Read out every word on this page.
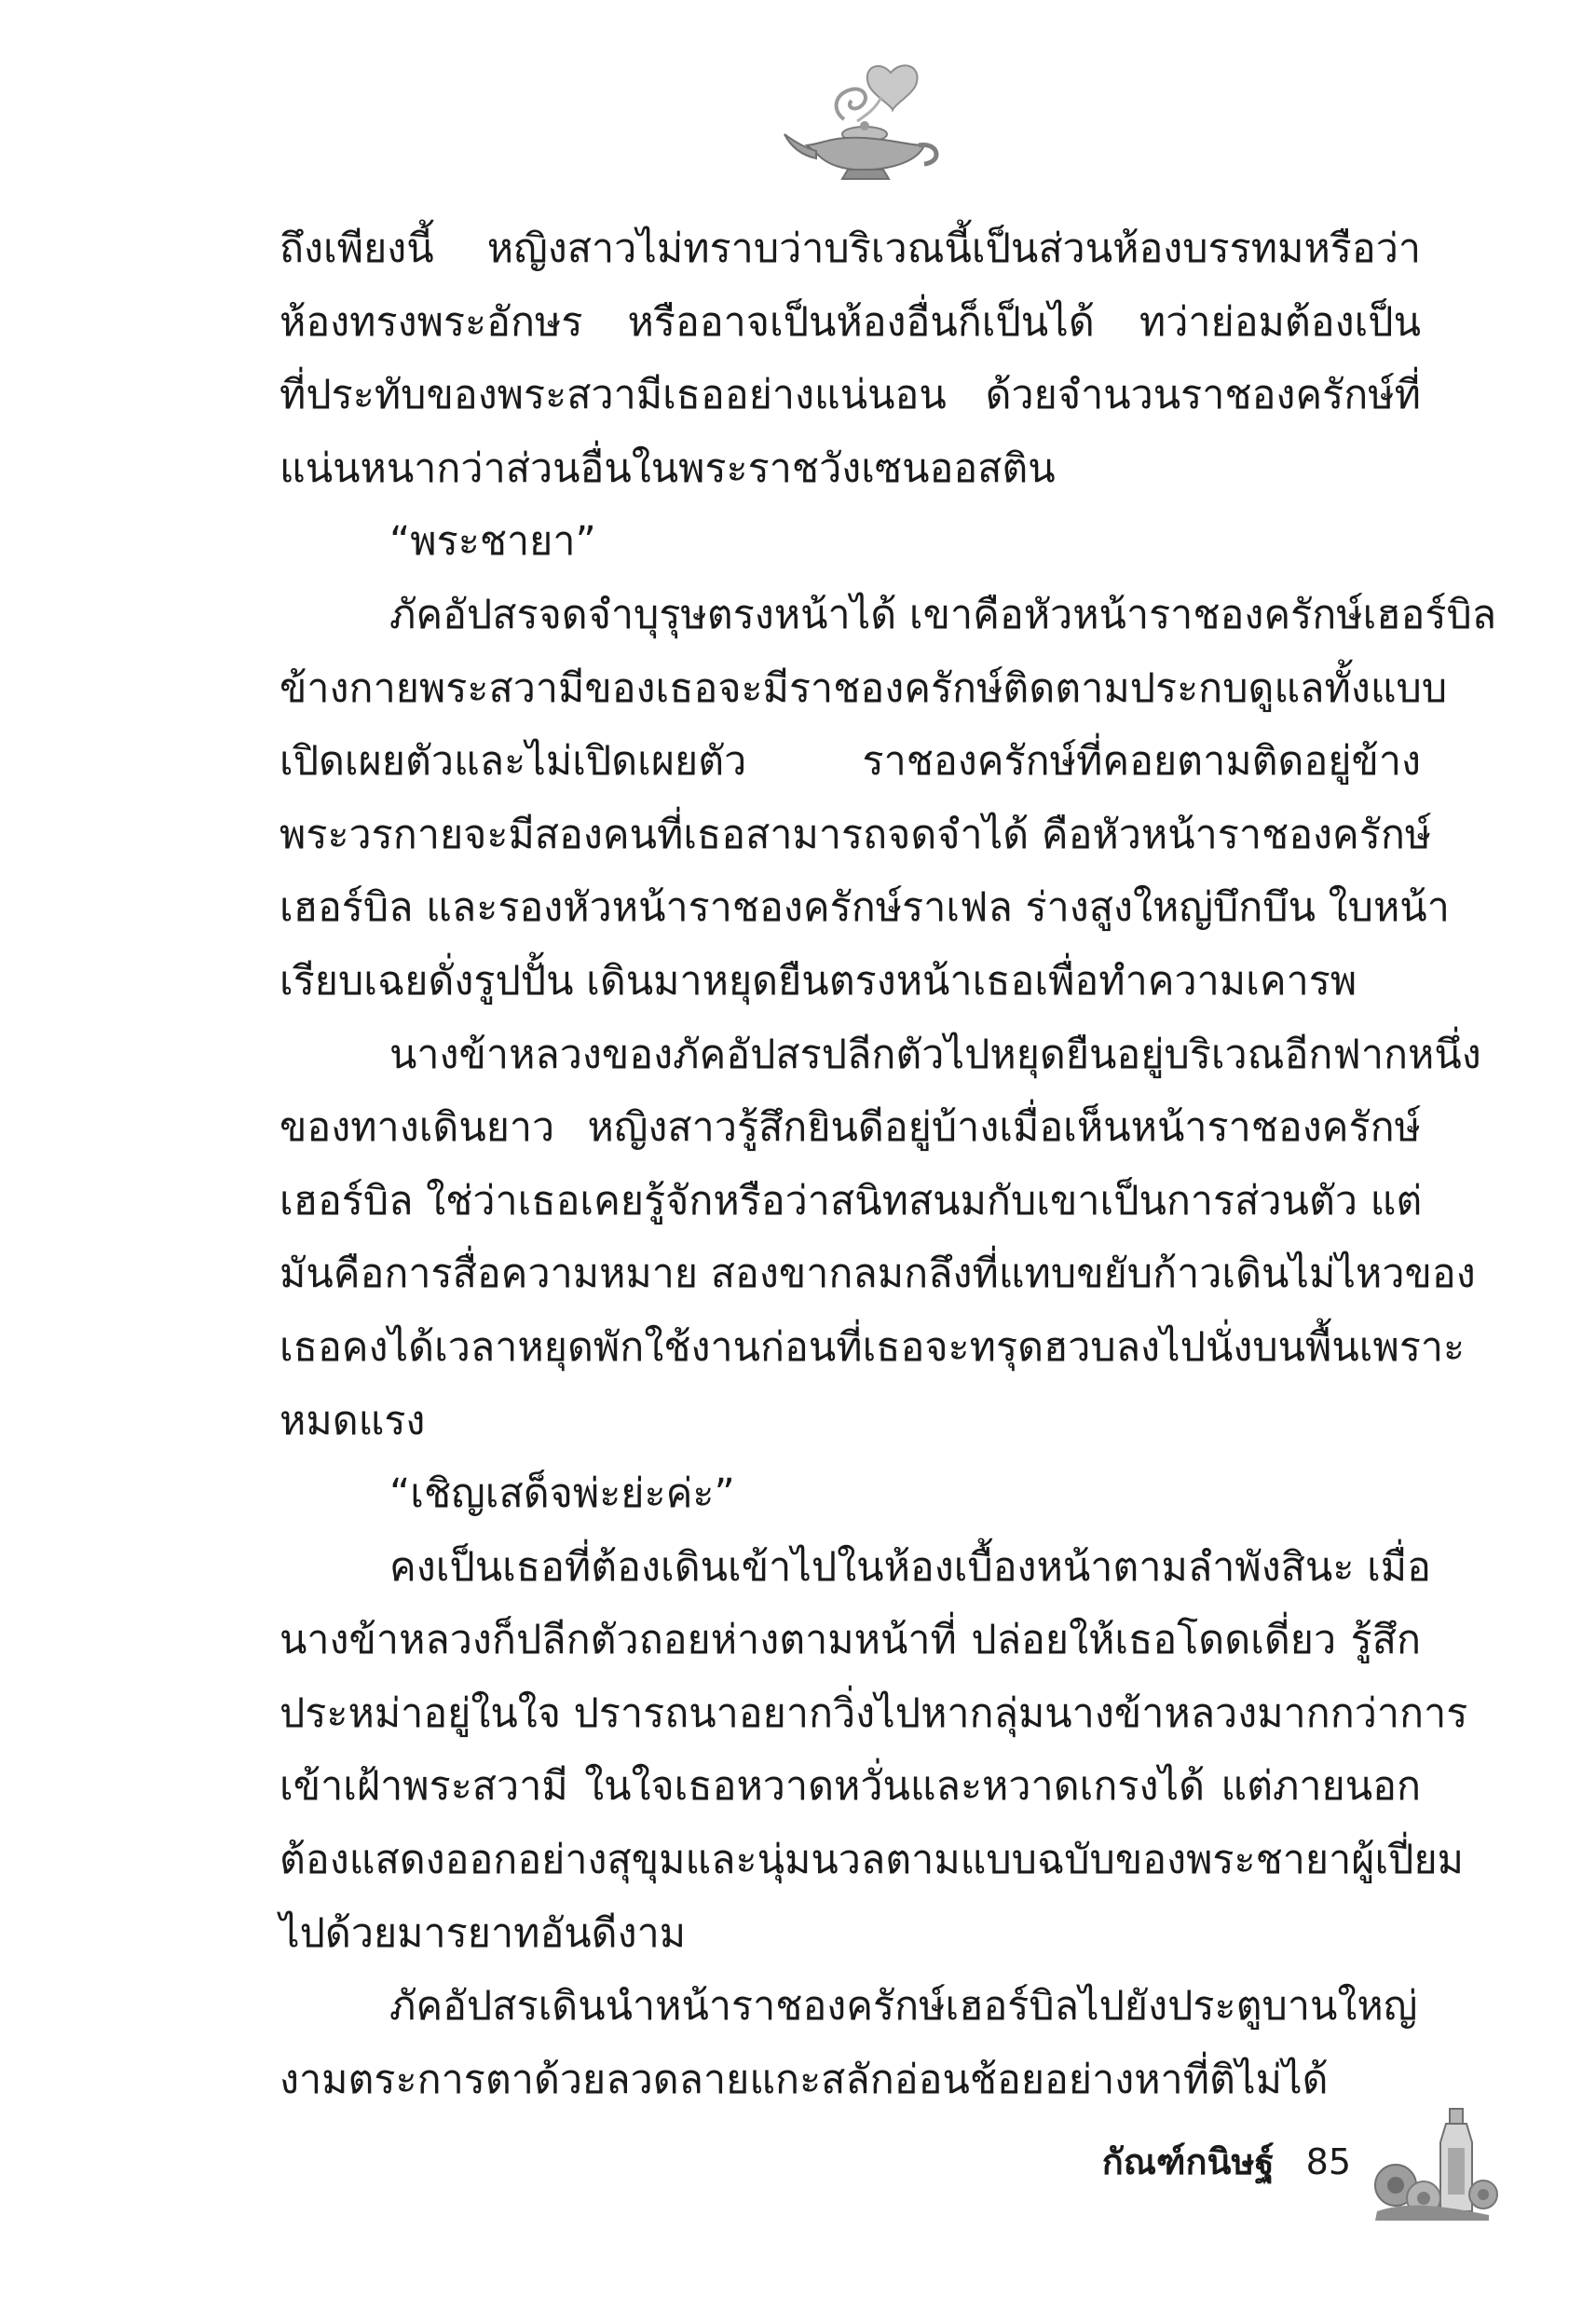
ถึงเพียงนี้ หญิงสาวไม่ทราบว่าบริเวณนี้เป็นส่วนห้องบรรทมหรือว่า
ห้องทรงพระอักษร หรืออาจเป็นห้องอื่นก็เป็นได้ ทว่าย่อมต้องเป็น
ที่ประทับของพระสวามีเธออย่างแน่นอน ด้วยจำนวนราชองครักษ์ที่
แน่นหนากว่าส่วนอื่นในพระราชวังเซนออสติน
“พระชายา”
ภัคอัปสรจดจำบุรุษตรงหน้าได้ เขาคือหัวหน้าราชองครักษ์เฮอร์บิล
ข้างกายพระสวามีของเธอจะมีราชองครักษ์ติดตามประกบดูแลทั้งแบบ
เปิดเผยตัวและไม่เปิดเผยตัว ราชองครักษ์ที่คอยตามติดอยู่ข้าง
พระวรกายจะมีสองคนที่เธอสามารถจดจำได้ คือหัวหน้าราชองครักษ์
เฮอร์บิล และรองหัวหน้าราชองครักษ์ราเฟล ร่างสูงใหญ่บึกบึน ใบหน้า
เรียบเฉยดั่งรูปปั้น เดินมาหยุดยืนตรงหน้าเธอเพื่อทำความเคารพ
นางข้าหลวงของภัคอัปสรปลีกตัวไปหยุดยืนอยู่บริเวณอีกฟากหนึ่ง
ของทางเดินยาว หญิงสาวรู้สึกยินดีอยู่บ้างเมื่อเห็นหน้าราชองครักษ์
เฮอร์บิล ใช่ว่าเธอเคยรู้จักหรือว่าสนิทสนมกับเขาเป็นการส่วนตัว แต่
มันคือการสื่อความหมาย สองขากลมกลึงที่แทบขยับก้าวเดินไม่ไหวของ
เธอคงได้เวลาหยุดพักใช้งานก่อนที่เธอจะทรุดฮวบลงไปนั่งบนพื้นเพราะ
หมดแรง
“เชิญเสด็จพ่ะย่ะค่ะ”
คงเป็นเธอที่ต้องเดินเข้าไปในห้องเบื้องหน้าตามลำพังสินะ เมื่อ
นางข้าหลวงก็ปลีกตัวถอยห่างตามหน้าที่ ปล่อยให้เธอโดดเดี่ยว รู้สึก
ประหม่าอยู่ในใจ ปรารถนาอยากวิ่งไปหากลุ่มนางข้าหลวงมากกว่าการ
เข้าเฝ้าพระสวามี ในใจเธอหวาดหวั่นและหวาดเกรงได้ แต่ภายนอก
ต้องแสดงออกอย่างสุขุมและนุ่มนวลตามแบบฉบับของพระชายาผู้เปี่ยม
ไปด้วยมารยาทอันดีงาม
ภัคอัปสรเดินนำหน้าราชองครักษ์เฮอร์บิลไปยังประตูบานใหญ่
งามตระการตาด้วยลวดลายแกะสลักอ่อนช้อยอย่างหาที่ติไม่ได้
กัณฑ์กนิษฐ์ 85
